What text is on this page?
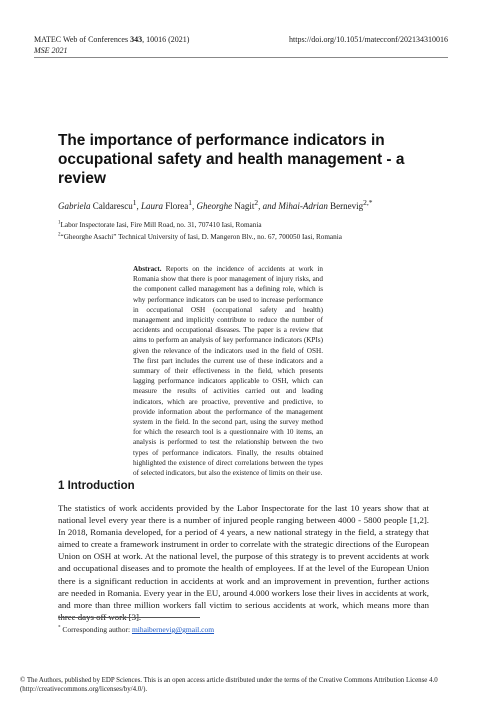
MATEC Web of Conferences 343, 10016 (2021)
MSE 2021
https://doi.org/10.1051/matecconf/202134310016
The importance of performance indicators in occupational safety and health management - a review
Gabriela Caldarescu$^1$, Laura Florea$^1$, Gheorghe Nagit$^2$, and Mihai-Adrian Bernevig$^{2,*}$
$^1$Labor Inspectorate Iasi, Fire Mill Road, no. 31, 707410 Iasi, Romania
$^2$“Gheorghe Asachi” Technical University of Iasi, D. Mangeron Blv., no. 67, 700050 Iasi, Romania
Abstract. Reports on the incidence of accidents at work in Romania show that there is poor management of injury risks, and the component called management has a defining role, which is why performance indicators can be used to increase performance in occupational OSH (occupational safety and health) management and implicitly contribute to reduce the number of accidents and occupational diseases. The paper is a review that aims to perform an analysis of key performance indicators (KPIs) given the relevance of the indicators used in the field of OSH. The first part includes the current use of these indicators and a summary of their effectiveness in the field, which presents lagging performance indicators applicable to OSH, which can measure the results of activities carried out and leading indicators, which are proactive, preventive and predictive, to provide information about the performance of the management system in the field. In the second part, using the survey method for which the research tool is a questionnaire with 10 items, an analysis is performed to test the relationship between the two types of performance indicators. Finally, the results obtained highlighted the existence of direct correlations between the types of selected indicators, but also the existence of limits on their use.
1 Introduction

The statistics of work accidents provided by the Labor Inspectorate for the last 10 years show that at national level every year there is a number of injured people ranging between 4000 - 5800 people [1,2]. In 2018, Romania developed, for a period of 4 years, a new national strategy in the field, a strategy that aimed to create a framework instrument in order to correlate with the strategic directions of the European Union on OSH at work. At the national level, the purpose of this strategy is to prevent accidents at work and occupational diseases and to promote the health of employees. If at the level of the European Union there is a significant reduction in accidents at work and an improvement in prevention, further actions are needed in Romania. Every year in the EU, around 4.000 workers lose their lives in accidents at work, and more than three million workers fall victim to serious accidents at work, which means more than three days off work [3].

* Corresponding author: mihaibernevig@gmail.com
© The Authors, published by EDP Sciences. This is an open access article distributed under the terms of the Creative Commons Attribution License 4.0 (http://creativecommons.org/licenses/by/4.0/).
